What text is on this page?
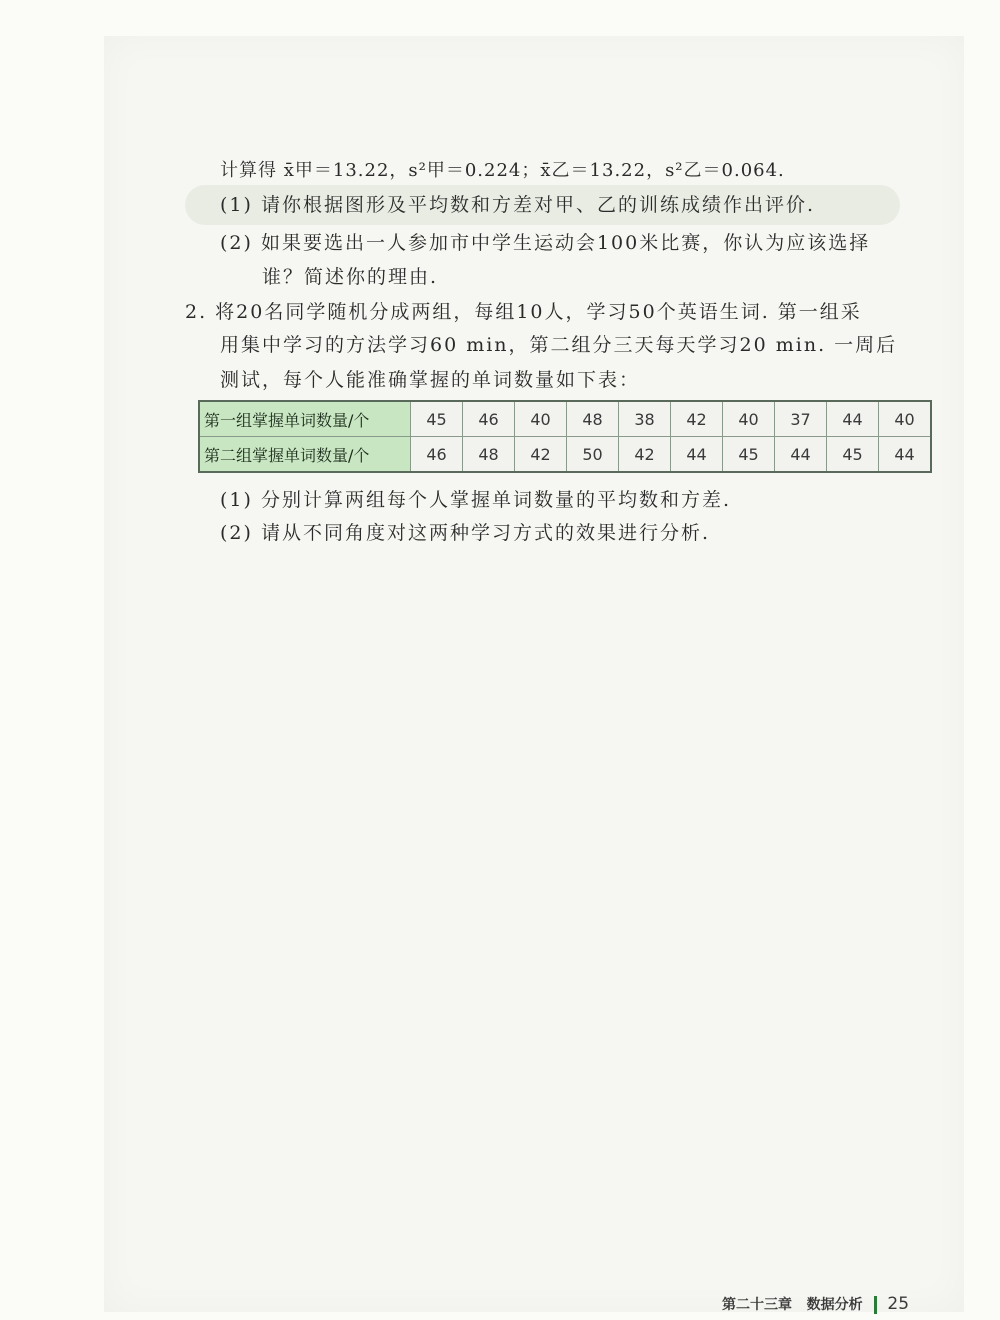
计算得 x̄甲＝13.22，s²甲＝0.224；x̄乙＝13.22，s²乙＝0.064.
(1) 请你根据图形及平均数和方差对甲、乙的训练成绩作出评价.
(2) 如果要选出一人参加市中学生运动会100米比赛，你认为应该选择
谁？简述你的理由.
2. 将20名同学随机分成两组，每组10人，学习50个英语生词. 第一组采
用集中学习的方法学习60 min，第二组分三天每天学习20 min. 一周后
测试，每个人能准确掌握的单词数量如下表：
第一组掌握单词数量/个	45	46	40	48	38	42	40	37	44	40
第二组掌握单词数量/个	46	48	42	50	42	44	45	44	45	44
(1) 分别计算两组每个人掌握单词数量的平均数和方差.
(2) 请从不同角度对这两种学习方式的效果进行分析.
第二十三章 数据分析 25
